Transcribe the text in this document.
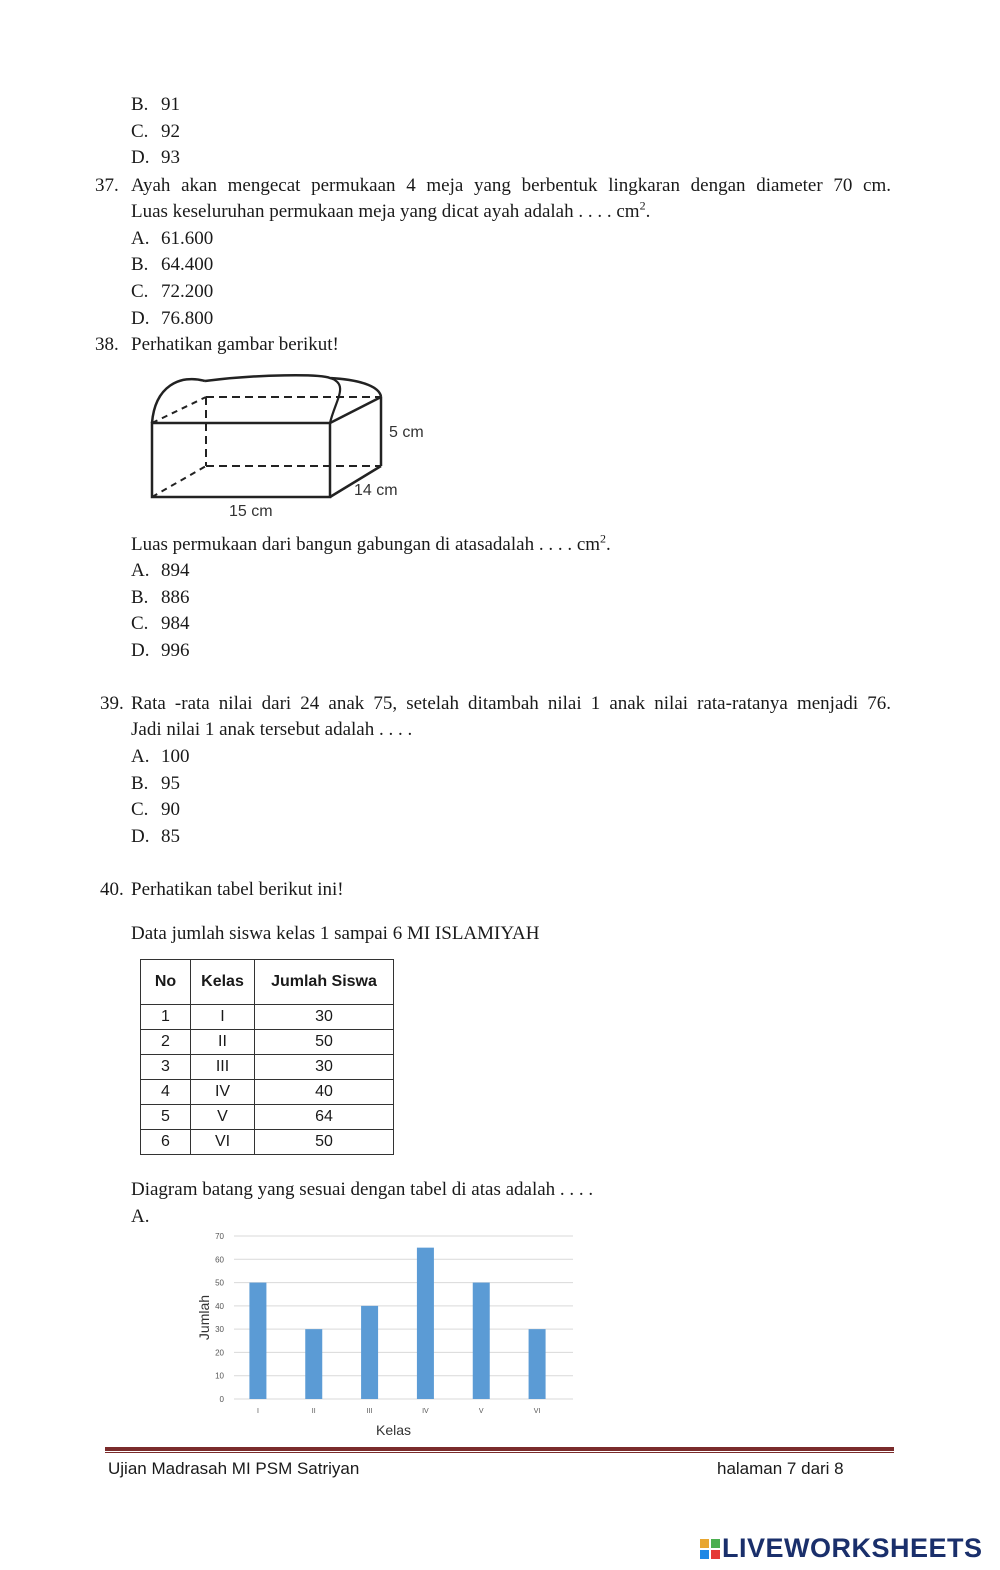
B. 91
C. 92
D. 93
37. Ayah akan mengecat permukaan 4 meja yang berbentuk lingkaran dengan diameter 70 cm.
Luas keseluruhan permukaan meja yang dicat ayah adalah . . . . $cm^2$.
A. 61.600
B. 64.400
C. 72.200
D. 76.800
38. Perhatikan gambar berikut!
5 cm
14 cm
15 cm
Luas permukaan dari bangun gabungan di atasadalah . . . . $cm^2$.
A. 894
B. 886
C. 984
D. 996
39. Rata -rata nilai dari 24 anak 75, setelah ditambah nilai 1 anak nilai rata-ratanya menjadi 76.
Jadi nilai 1 anak tersebut adalah . . . .
A. 100
B. 95
C. 90
D. 85
40. Perhatikan tabel berikut ini!
Data jumlah siswa kelas 1 sampai 6 MI ISLAMIYAH
No	Kelas	Jumlah Siswa
1	I	30
2	II	50
3	III	30
4	IV	40
5	V	64
6	VI	50
Diagram batang yang sesuai dengan tabel di atas adalah . . . .
A.
0
10
20
30
40
50
60
70
I	II	III	IV	V	VI
Jumlah
Kelas
Ujian Madrasah MI PSM Satriyan	halaman 7 dari 8
LIVEWORKSHEETS
